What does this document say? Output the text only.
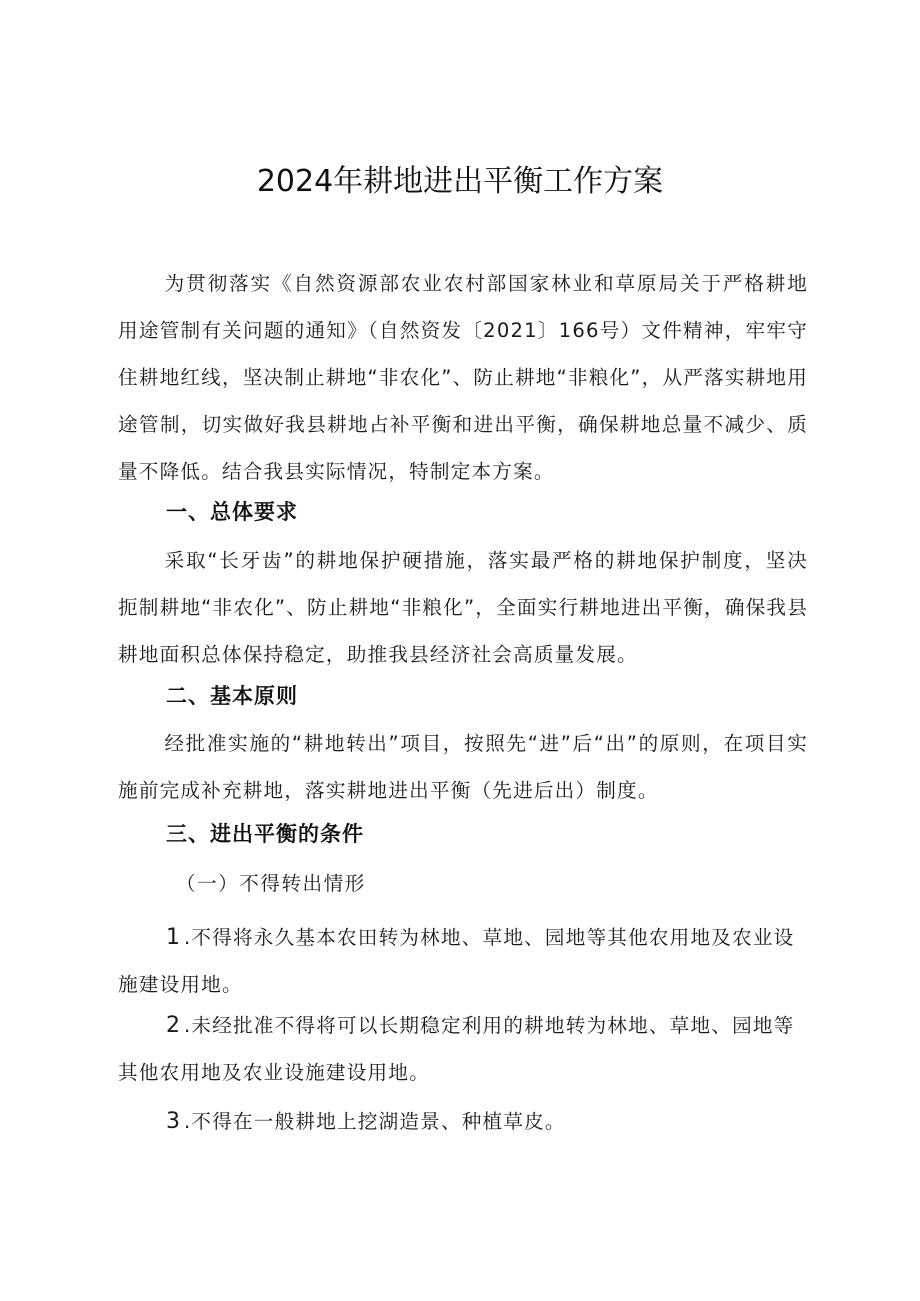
2024年耕地进出平衡工作方案
为贯彻落实《自然资源部农业农村部国家林业和草原局关于严格耕地用途管制有关问题的通知》（自然资发〔2021〕166号）文件精神，牢牢守住耕地红线，坚决制止耕地“非农化”、防止耕地“非粮化”，从严落实耕地用途管制，切实做好我县耕地占补平衡和进出平衡，确保耕地总量不减少、质量不降低。结合我县实际情况，特制定本方案。
一、总体要求
采取“长牙齿”的耕地保护硬措施，落实最严格的耕地保护制度，坚决扼制耕地“非农化”、防止耕地“非粮化”，全面实行耕地进出平衡，确保我县耕地面积总体保持稳定，助推我县经济社会高质量发展。
二、基本原则
经批准实施的“耕地转出”项目，按照先“进”后“出”的原则，在项目实施前完成补充耕地，落实耕地进出平衡（先进后出）制度。
三、进出平衡的条件
（一）不得转出情形
1.不得将永久基本农田转为林地、草地、园地等其他农用地及农业设施建设用地。
2.未经批准不得将可以长期稳定利用的耕地转为林地、草地、园地等其他农用地及农业设施建设用地。
3.不得在一般耕地上挖湖造景、种植草皮。
